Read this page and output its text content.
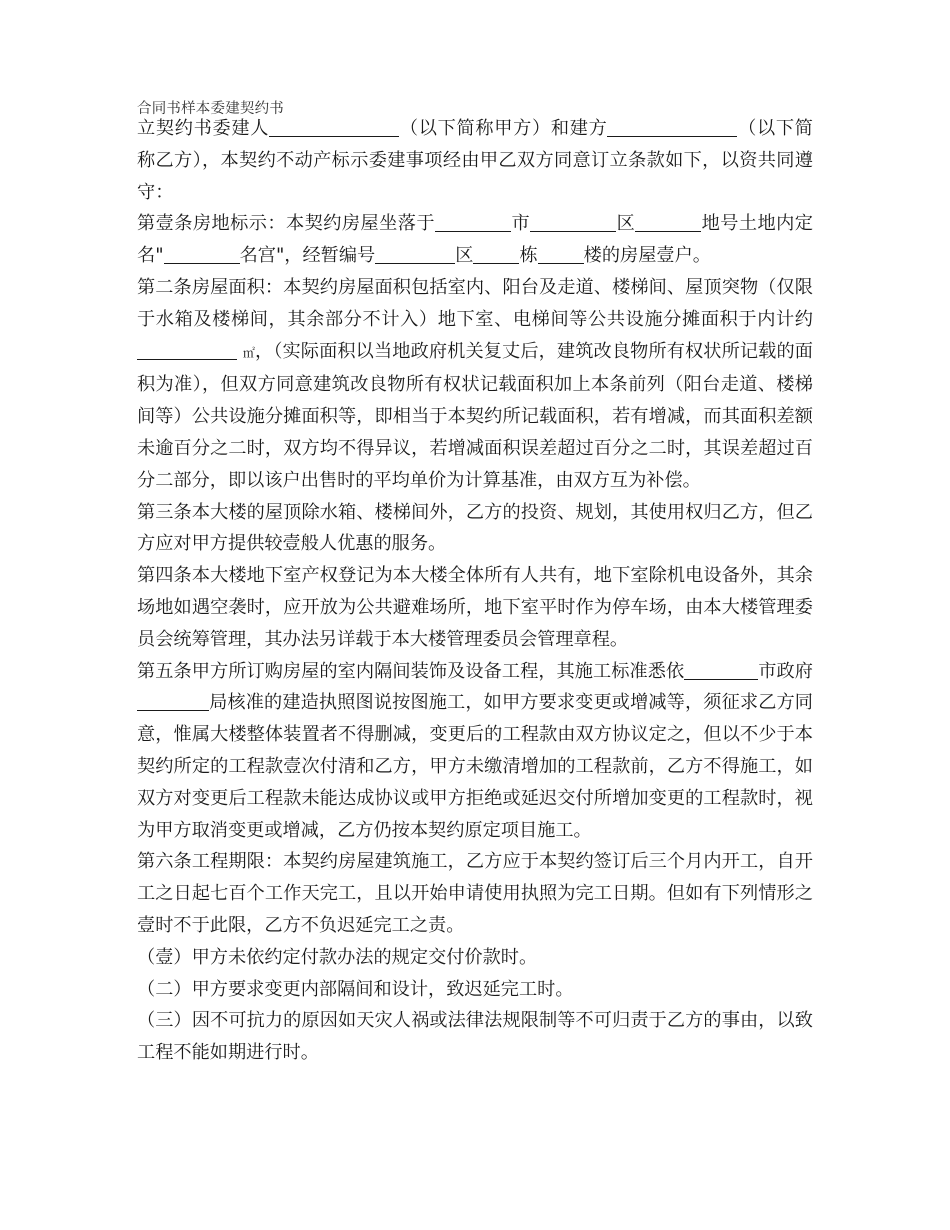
合同书样本委建契约书

立契约书委建人	（以下简称甲方）和建方	（以下简称乙方），本契约不动产标示委建事项经由甲乙双方同意订立条款如下，以资共同遵守：

第壹条房地标示：本契约房屋坐落于	市	区	地号土地内定名"	名宫"，经暂编号	区	栋	楼的房屋壹户。

第二条房屋面积：本契约房屋面积包括室内、阳台及走道、楼梯间、屋顶突物（仅限于水箱及楼梯间，其余部分不计入）地下室、电梯间等公共设施分摊面积于内计约 ㎡，（实际面积以当地政府机关复丈后，建筑改良物所有权状所记载的面积为准），但双方同意建筑改良物所有权状记载面积加上本条前列（阳台走道、楼梯间等）公共设施分摊面积等，即相当于本契约所记载面积，若有增减，而其面积差额未逾百分之二时，双方均不得异议，若增减面积误差超过百分之二时，其误差超过百分二部分，即以该户出售时的平均单价为计算基准，由双方互为补偿。

第三条本大楼的屋顶除水箱、楼梯间外，乙方的投资、规划，其使用权归乙方，但乙方应对甲方提供较壹般人优惠的服务。

第四条本大楼地下室产权登记为本大楼全体所有人共有，地下室除机电设备外，其余场地如遇空袭时，应开放为公共避难场所，地下室平时作为停车场，由本大楼管理委员会统筹管理，其办法另详载于本大楼管理委员会管理章程。

第五条甲方所订购房屋的室内隔间装饰及设备工程，其施工标准悉依	市政府局核准的建造执照图说按图施工，如甲方要求变更或增减等，须征求乙方同意，惟属大楼整体装置者不得删减，变更后的工程款由双方协议定之，但以不少于本契约所定的工程款壹次付清和乙方，甲方未缴清增加的工程款前，乙方不得施工，如双方对变更后工程款未能达成协议或甲方拒绝或延迟交付所增加变更的工程款时，视为甲方取消变更或增减，乙方仍按本契约原定项目施工。

第六条工程期限：本契约房屋建筑施工，乙方应于本契约签订后三个月内开工，自开工之日起七百个工作天完工，且以开始申请使用执照为完工日期。但如有下列情形之壹时不于此限，乙方不负迟延完工之责。

（壹）甲方未依约定付款办法的规定交付价款时。

（二）甲方要求变更内部隔间和设计，致迟延完工时。

（三）因不可抗力的原因如天灾人祸或法律法规限制等不可归责于乙方的事由，以致工程不能如期进行时。
